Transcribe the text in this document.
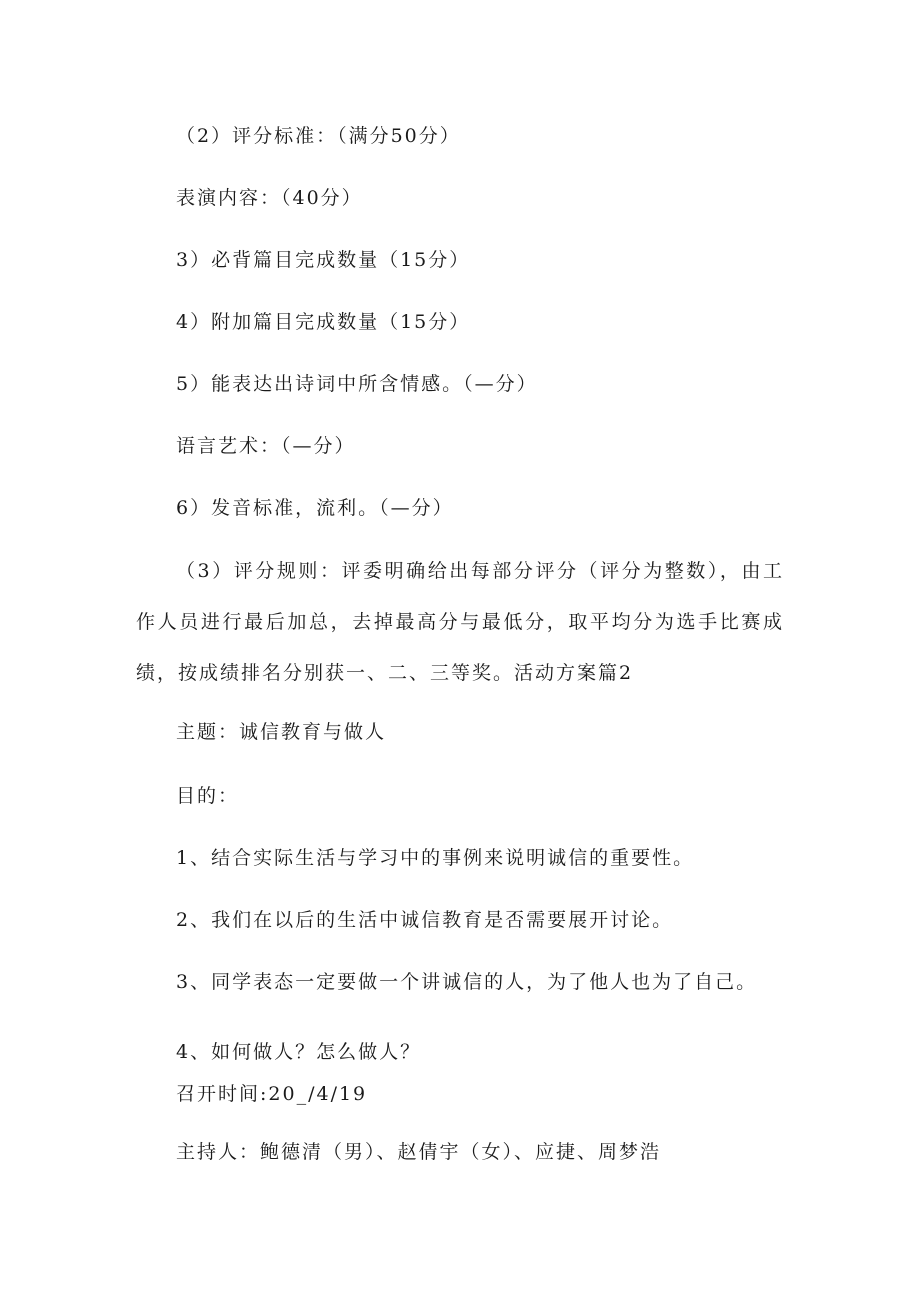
（2）评分标准：（满分50分）
表演内容：（40分）
3）必背篇目完成数量（15分）
4）附加篇目完成数量（15分）
5）能表达出诗词中所含情感。（—分）
语言艺术：（—分）
6）发音标准，流利。（—分）
（3）评分规则：评委明确给出每部分评分（评分为整数），由工作人员进行最后加总，去掉最高分与最低分，取平均分为选手比赛成绩，按成绩排名分别获一、二、三等奖。活动方案篇2
主题：诚信教育与做人
目的：
1、结合实际生活与学习中的事例来说明诚信的重要性。
2、我们在以后的生活中诚信教育是否需要展开讨论。
3、同学表态一定要做一个讲诚信的人，为了他人也为了自己。
4、如何做人？怎么做人？
召开时间:20_/4/19
主持人：鲍德清（男）、赵倩宇（女）、应捷、周梦浩
